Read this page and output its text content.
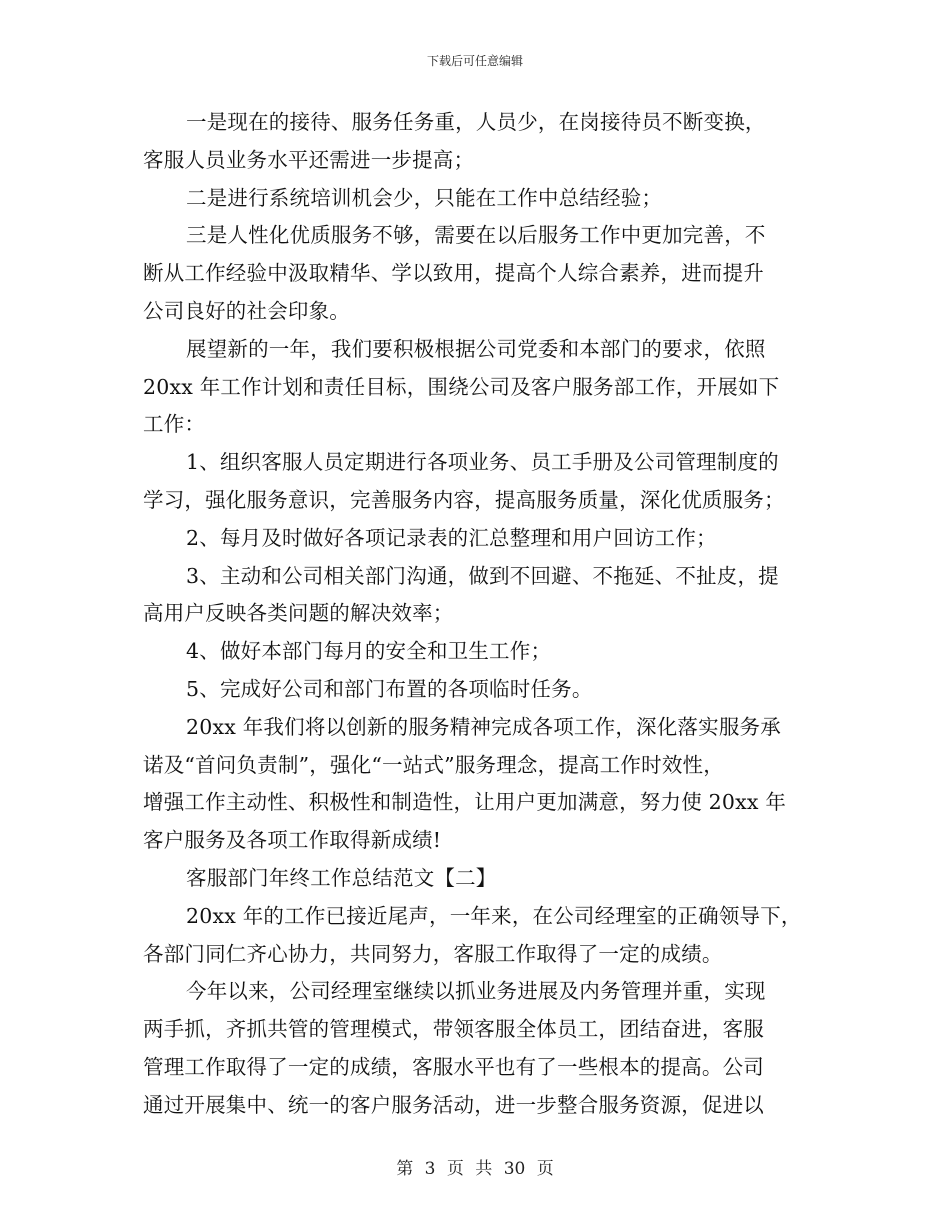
下载后可任意编辑
一是现在的接待、服务任务重，人员少，在岗接待员不断变换，
客服人员业务水平还需进一步提高；
二是进行系统培训机会少，只能在工作中总结经验；
三是人性化优质服务不够，需要在以后服务工作中更加完善，不
断从工作经验中汲取精华、学以致用，提高个人综合素养，进而提升
公司良好的社会印象。
展望新的一年，我们要积极根据公司党委和本部门的要求，依照
20xx 年工作计划和责任目标，围绕公司及客户服务部工作，开展如下
工作：
1、组织客服人员定期进行各项业务、员工手册及公司管理制度的
学习，强化服务意识，完善服务内容，提高服务质量，深化优质服务；
2、每月及时做好各项记录表的汇总整理和用户回访工作；
3、主动和公司相关部门沟通，做到不回避、不拖延、不扯皮，提
高用户反映各类问题的解决效率；
4、做好本部门每月的安全和卫生工作；
5、完成好公司和部门布置的各项临时任务。
20xx 年我们将以创新的服务精神完成各项工作，深化落实服务承
诺及“首问负责制”，强化“一站式”服务理念，提高工作时效性，
增强工作主动性、积极性和制造性，让用户更加满意，努力使 20xx 年
客户服务及各项工作取得新成绩!
客服部门年终工作总结范文【二】
20xx 年的工作已接近尾声，一年来，在公司经理室的正确领导下，
各部门同仁齐心协力，共同努力，客服工作取得了一定的成绩。
今年以来，公司经理室继续以抓业务进展及内务管理并重，实现
两手抓，齐抓共管的管理模式，带领客服全体员工，团结奋进，客服
管理工作取得了一定的成绩，客服水平也有了一些根本的提高。公司
通过开展集中、统一的客户服务活动，进一步整合服务资源，促进以
第 3 页 共 30 页
